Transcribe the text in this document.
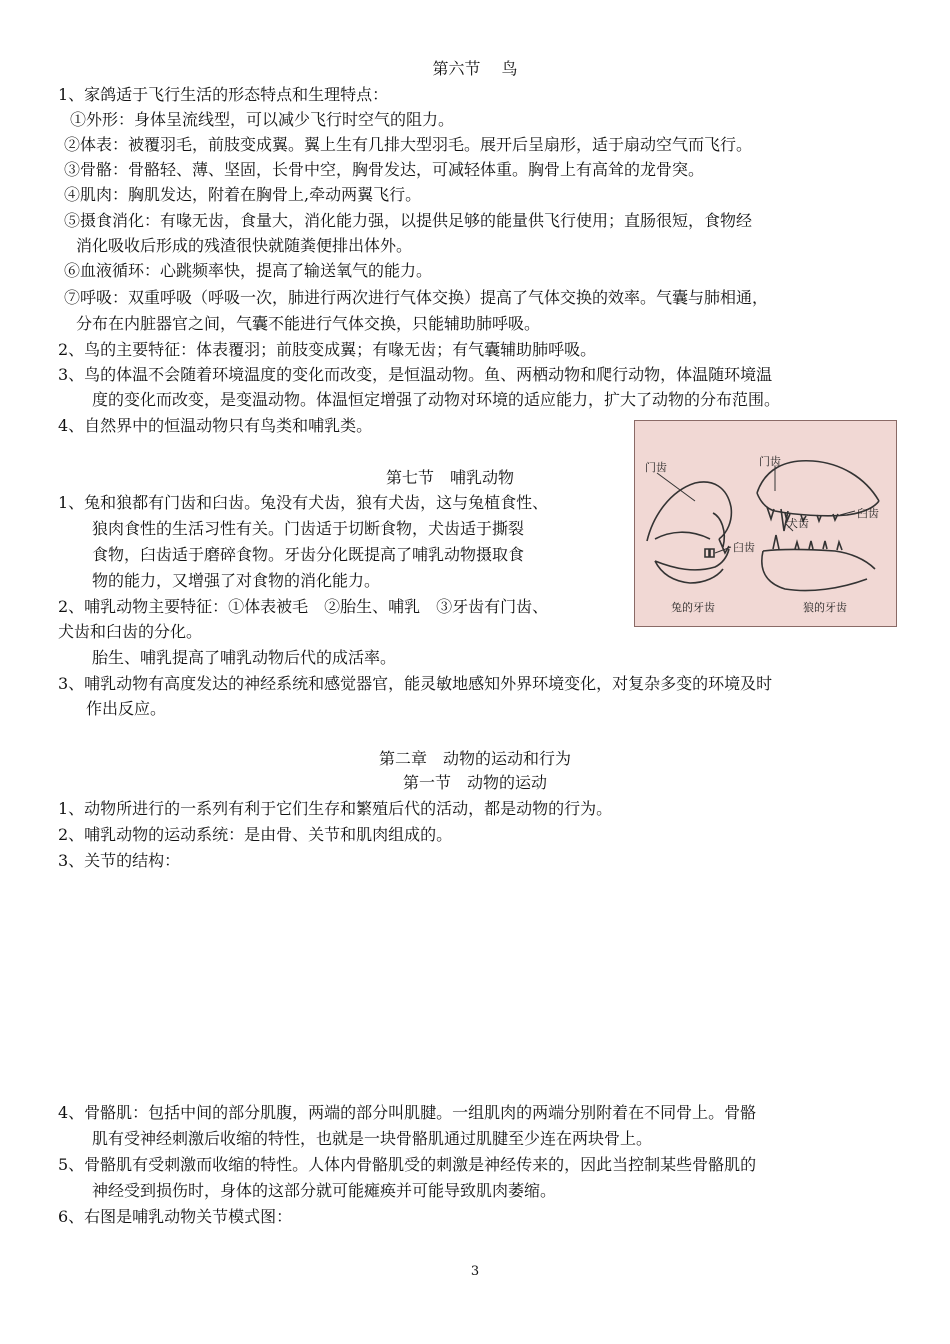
第六节　 鸟
1、家鸽适于飞行生活的形态特点和生理特点：
①外形：身体呈流线型，可以减少飞行时空气的阻力。
②体表：被覆羽毛，前肢变成翼。翼上生有几排大型羽毛。展开后呈扇形，适于扇动空气而飞行。
③骨骼：骨骼轻、薄、坚固，长骨中空，胸骨发达，可减轻体重。胸骨上有高耸的龙骨突。
④肌肉：胸肌发达，附着在胸骨上,牵动两翼飞行。
⑤摄食消化：有喙无齿，食量大，消化能力强，以提供足够的能量供飞行使用；直肠很短，食物经
消化吸收后形成的残渣很快就随粪便排出体外。
⑥血液循环：心跳频率快，提高了输送氧气的能力。
⑦呼吸：双重呼吸（呼吸一次，肺进行两次进行气体交换）提高了气体交换的效率。气囊与肺相通，
分布在内脏器官之间，气囊不能进行气体交换，只能辅助肺呼吸。
2、鸟的主要特征：体表覆羽；前肢变成翼；有喙无齿；有气囊辅助肺呼吸。
3、鸟的体温不会随着环境温度的变化而改变，是恒温动物。鱼、两栖动物和爬行动物，体温随环境温
度的变化而改变，是变温动物。体温恒定增强了动物对环境的适应能力，扩大了动物的分布范围。
4、自然界中的恒温动物只有鸟类和哺乳类。
第七节　哺乳动物
1、兔和狼都有门齿和臼齿。兔没有犬齿，狼有犬齿，这与兔植食性、
狼肉食性的生活习性有关。门齿适于切断食物，犬齿适于撕裂
食物，臼齿适于磨碎食物。牙齿分化既提高了哺乳动物摄取食
物的能力，又增强了对食物的消化能力。
2、哺乳动物主要特征：①体表被毛　②胎生、哺乳　③牙齿有门齿、
犬齿和臼齿的分化。
胎生、哺乳提高了哺乳动物后代的成活率。
3、哺乳动物有高度发达的神经系统和感觉器官，能灵敏地感知外界环境变化，对复杂多变的环境及时
作出反应。
第二章　动物的运动和行为
第一节　动物的运动
1、动物所进行的一系列有利于它们生存和繁殖后代的活动，都是动物的行为。
2、哺乳动物的运动系统：是由骨、关节和肌肉组成的。
3、关节的结构：
4、骨骼肌：包括中间的部分肌腹，两端的部分叫肌腱。一组肌肉的两端分别附着在不同骨上。骨骼
肌有受神经刺激后收缩的特性，也就是一块骨骼肌通过肌腱至少连在两块骨上。
5、骨骼肌有受刺激而收缩的特性。人体内骨骼肌受的刺激是神经传来的，因此当控制某些骨骼肌的
神经受到损伤时，身体的这部分就可能瘫痪并可能导致肌肉萎缩。
6、右图是哺乳动物关节模式图：
门齿	门齿
犬齿
臼齿
臼齿
兔的牙齿	狼的牙齿
3
